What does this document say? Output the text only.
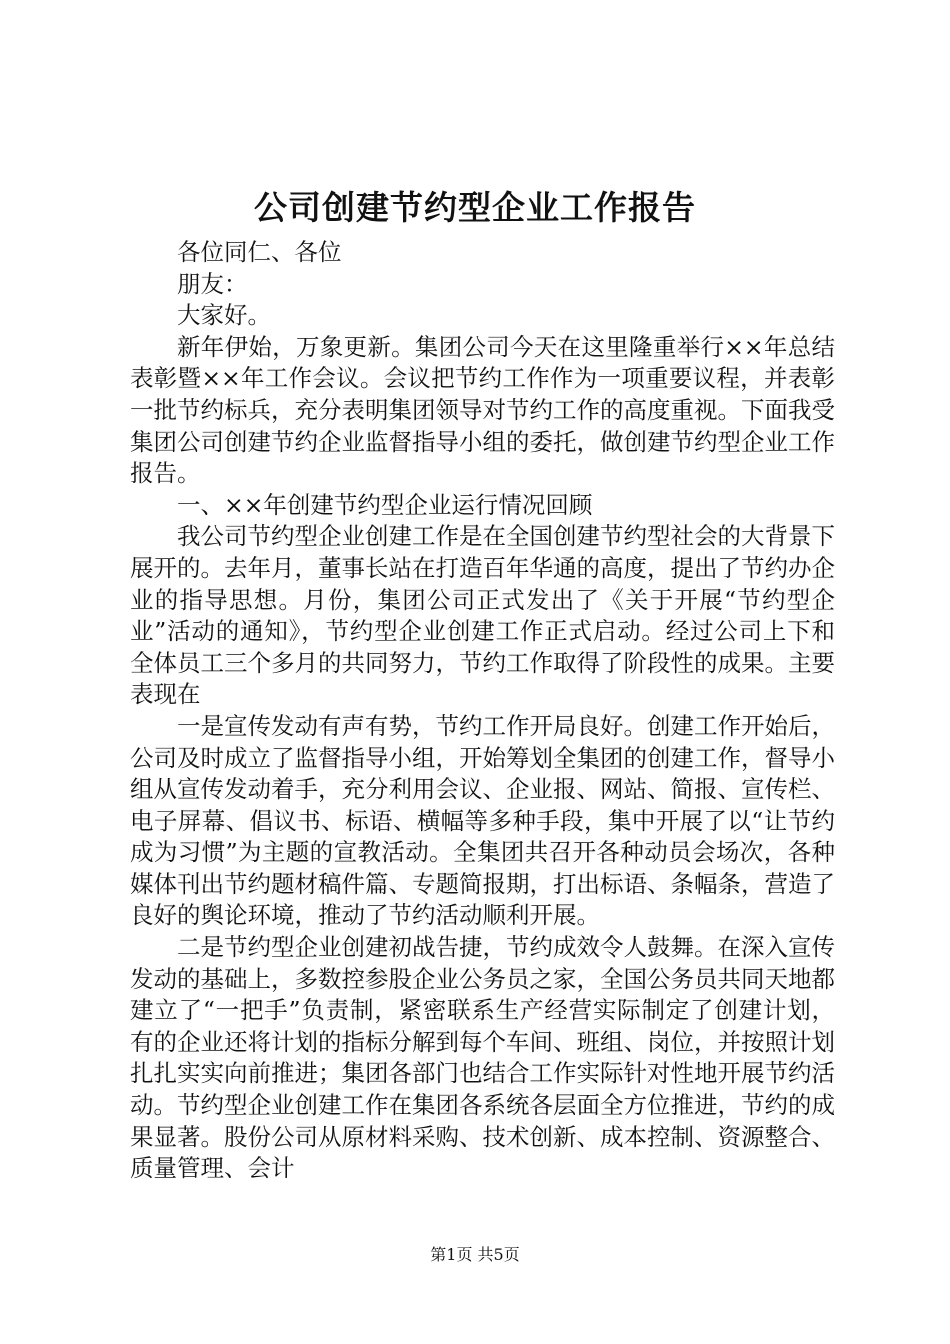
公司创建节约型企业工作报告

各位同仁、各位

朋友：

大家好。

新年伊始，万象更新。集团公司今天在这里隆重举行××年总结表彰暨××年工作会议。会议把节约工作作为一项重要议程，并表彰一批节约标兵，充分表明集团领导对节约工作的高度重视。下面我受集团公司创建节约企业监督指导小组的委托，做创建节约型企业工作报告。

一、××年创建节约型企业运行情况回顾

我公司节约型企业创建工作是在全国创建节约型社会的大背景下展开的。去年月，董事长站在打造百年华通的高度，提出了节约办企业的指导思想。月份，集团公司正式发出了《关于开展“节约型企业”活动的通知》，节约型企业创建工作正式启动。经过公司上下和全体员工三个多月的共同努力，节约工作取得了阶段性的成果。主要表现在

一是宣传发动有声有势，节约工作开局良好。创建工作开始后，公司及时成立了监督指导小组，开始筹划全集团的创建工作，督导小组从宣传发动着手，充分利用会议、企业报、网站、简报、宣传栏、电子屏幕、倡议书、标语、横幅等多种手段，集中开展了以“让节约成为习惯”为主题的宣教活动。全集团共召开各种动员会场次，各种媒体刊出节约题材稿件篇、专题简报期，打出标语、条幅条，营造了良好的舆论环境，推动了节约活动顺利开展。

二是节约型企业创建初战告捷，节约成效令人鼓舞。在深入宣传发动的基础上，多数控参股企业公务员之家，全国公务员共同天地都建立了“一把手”负责制，紧密联系生产经营实际制定了创建计划，有的企业还将计划的指标分解到每个车间、班组、岗位，并按照计划扎扎实实向前推进；集团各部门也结合工作实际针对性地开展节约活动。节约型企业创建工作在集团各系统各层面全方位推进，节约的成果显著。股份公司从原材料采购、技术创新、成本控制、资源整合、质量管理、会计

第1页 共5页
